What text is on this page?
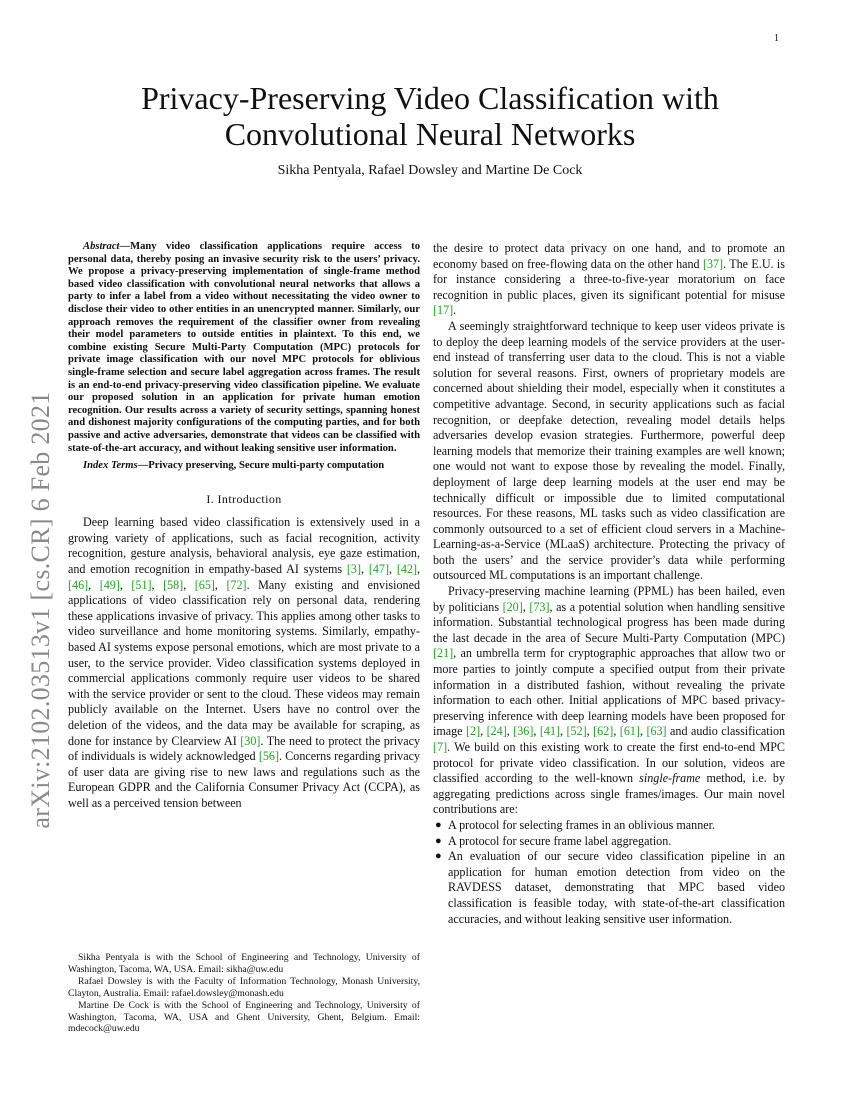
1
arXiv:2102.03513v1 [cs.CR] 6 Feb 2021
Privacy-Preserving Video Classification with
Convolutional Neural Networks
Sikha Pentyala, Rafael Dowsley and Martine De Cock

Abstract—Many video classification applications require access to personal data, thereby posing an invasive security risk to the users’ privacy. We propose a privacy-preserving implementation of single-frame method based video classification with convolutional neural networks that allows a party to infer a label from a video without necessitating the video owner to disclose their video to other entities in an unencrypted manner. Similarly, our approach removes the requirement of the classifier owner from revealing their model parameters to outside entities in plaintext. To this end, we combine existing Secure Multi-Party Computation (MPC) protocols for private image classification with our novel MPC protocols for oblivious single-frame selection and secure label aggregation across frames. The result is an end-to-end privacy-preserving video classification pipeline. We evaluate our proposed solution in an application for private human emotion recognition. Our results across a variety of security settings, spanning honest and dishonest majority configurations of the computing parties, and for both passive and active adversaries, demonstrate that videos can be classified with state-of-the-art accuracy, and without leaking sensitive user information.

Index Terms—Privacy preserving, Secure multi-party computation

I. Introduction

Deep learning based video classification is extensively used in a growing variety of applications, such as facial recognition, activity recognition, gesture analysis, behavioral analysis, eye gaze estimation, and emotion recognition in empathy-based AI systems [3], [47], [42], [46], [49], [51], [58], [65], [72]. Many existing and envisioned applications of video classification rely on personal data, rendering these applications invasive of privacy. This applies among other tasks to video surveillance and home monitoring systems. Similarly, empathy-based AI systems expose personal emotions, which are most private to a user, to the service provider. Video classification systems deployed in commercial applications commonly require user videos to be shared with the service provider or sent to the cloud. These videos may remain publicly available on the Internet. Users have no control over the deletion of the videos, and the data may be available for scraping, as done for instance by Clearview AI [30]. The need to protect the privacy of individuals is widely acknowledged [56]. Concerns regarding privacy of user data are giving rise to new laws and regulations such as the European GDPR and the California Consumer Privacy Act (CCPA), as well as a perceived tension between

the desire to protect data privacy on one hand, and to promote an economy based on free-flowing data on the other hand [37]. The E.U. is for instance considering a three-to-five-year moratorium on face recognition in public places, given its significant potential for misuse [17].

A seemingly straightforward technique to keep user videos private is to deploy the deep learning models of the service providers at the user-end instead of transferring user data to the cloud. This is not a viable solution for several reasons. First, owners of proprietary models are concerned about shielding their model, especially when it constitutes a competitive advantage. Second, in security applications such as facial recognition, or deepfake detection, revealing model details helps adversaries develop evasion strategies. Furthermore, powerful deep learning models that memorize their training examples are well known; one would not want to expose those by revealing the model. Finally, deployment of large deep learning models at the user end may be technically difficult or impossible due to limited computational resources. For these reasons, ML tasks such as video classification are commonly outsourced to a set of efficient cloud servers in a Machine-Learning-as-a-Service (MLaaS) architecture. Protecting the privacy of both the users’ and the service provider’s data while performing outsourced ML computations is an important challenge.

Privacy-preserving machine learning (PPML) has been hailed, even by politicians [20], [73], as a potential solution when handling sensitive information. Substantial technological progress has been made during the last decade in the area of Secure Multi-Party Computation (MPC) [21], an umbrella term for cryptographic approaches that allow two or more parties to jointly compute a specified output from their private information in a distributed fashion, without revealing the private information to each other. Initial applications of MPC based privacy-preserving inference with deep learning models have been proposed for image [2], [24], [36], [41], [52], [62], [61], [63] and audio classification [7]. We build on this existing work to create the first end-to-end MPC protocol for private video classification. In our solution, videos are classified according to the well-known single-frame method, i.e. by aggregating predictions across single frames/images. Our main novel contributions are:

● A protocol for selecting frames in an oblivious manner.
● A protocol for secure frame label aggregation.
● An evaluation of our secure video classification pipeline in an application for human emotion detection from video on the RAVDESS dataset, demonstrating that MPC based video classification is feasible today, with state-of-the-art classification accuracies, and without leaking sensitive user information.

Sikha Pentyala is with the School of Engineering and Technology, University of Washington, Tacoma, WA, USA. Email: sikha@uw.edu

Rafael Dowsley is with the Faculty of Information Technology, Monash University, Clayton, Australia. Email: rafael.dowsley@monash.edu

Martine De Cock is with the School of Engineering and Technology, University of Washington, Tacoma, WA, USA and Ghent University, Ghent, Belgium. Email: mdecock@uw.edu
